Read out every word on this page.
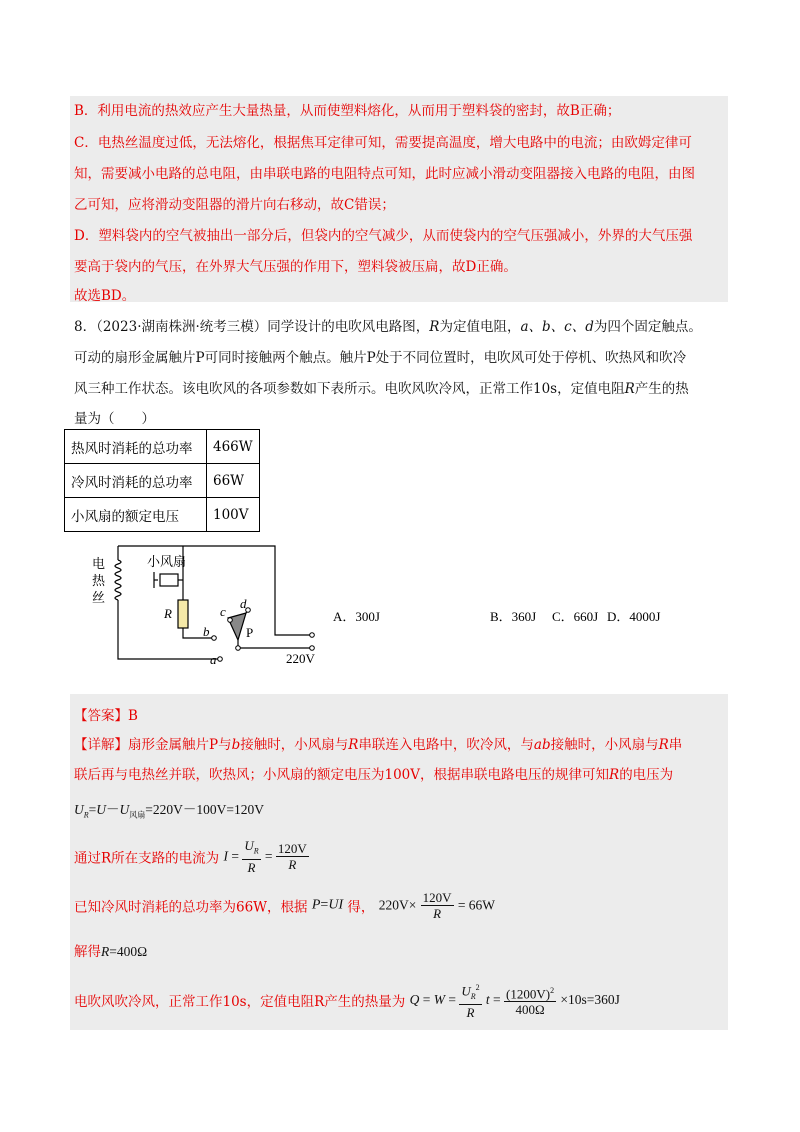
B．利用电流的热效应产生大量热量，从而使塑料熔化，从而用于塑料袋的密封，故B正确；
C．电热丝温度过低，无法熔化，根据焦耳定律可知，需要提高温度，增大电路中的电流；由欧姆定律可
知，需要减小电路的总电阻，由串联电路的电阻特点可知，此时应减小滑动变阻器接入电路的电阻，由图
乙可知，应将滑动变阻器的滑片向右移动，故C错误；
D．塑料袋内的空气被抽出一部分后，但袋内的空气减少，从而使袋内的空气压强减小，外界的大气压强
要高于袋内的气压，在外界大气压强的作用下，塑料袋被压扁，故D正确。
故选BD。
8．（2023·湖南株洲·统考三模）同学设计的电吹风电路图，R为定值电阻，a、b、c、d为四个固定触点。
可动的扇形金属触片P可同时接触两个触点。触片P处于不同位置时，电吹风可处于停机、吹热风和吹冷
风三种工作状态。该电吹风的各项参数如下表所示。电吹风吹冷风，正常工作10s，定值电阻R产生的热
量为（　　）
热风时消耗的总功率	466W
冷风时消耗的总功率	66W
小风扇的额定电压	100V
电
热
丝
小风扇
R
a
b
c
d
P
220V
A．300J	B．360J C．660J D．4000J
【答案】B
【详解】扇形金属触片P与b接触时，小风扇与R串联连入电路中，吹冷风，与ab接触时，小风扇与R串
联后再与电热丝并联，吹热风；小风扇的额定电压为100V，根据串联电路电压的规律可知R的电压为
$U_R=U-U_{风扇}=220V-100V=120V$
通过R所在支路的电流为 $I = \frac{U_R}{R} = \frac{120V}{R}$
已知冷风时消耗的总功率为66W，根据 P=UI 得， $220V\times \frac{120V}{R} = 66W$
解得R=400Ω
电吹风吹冷风，正常工作10s，定值电阻R产生的热量为 $Q = W = \frac{U_R^2}{R}$ $t = \frac{(1200V)^2}{400\Omega} \times 10s=360J$
